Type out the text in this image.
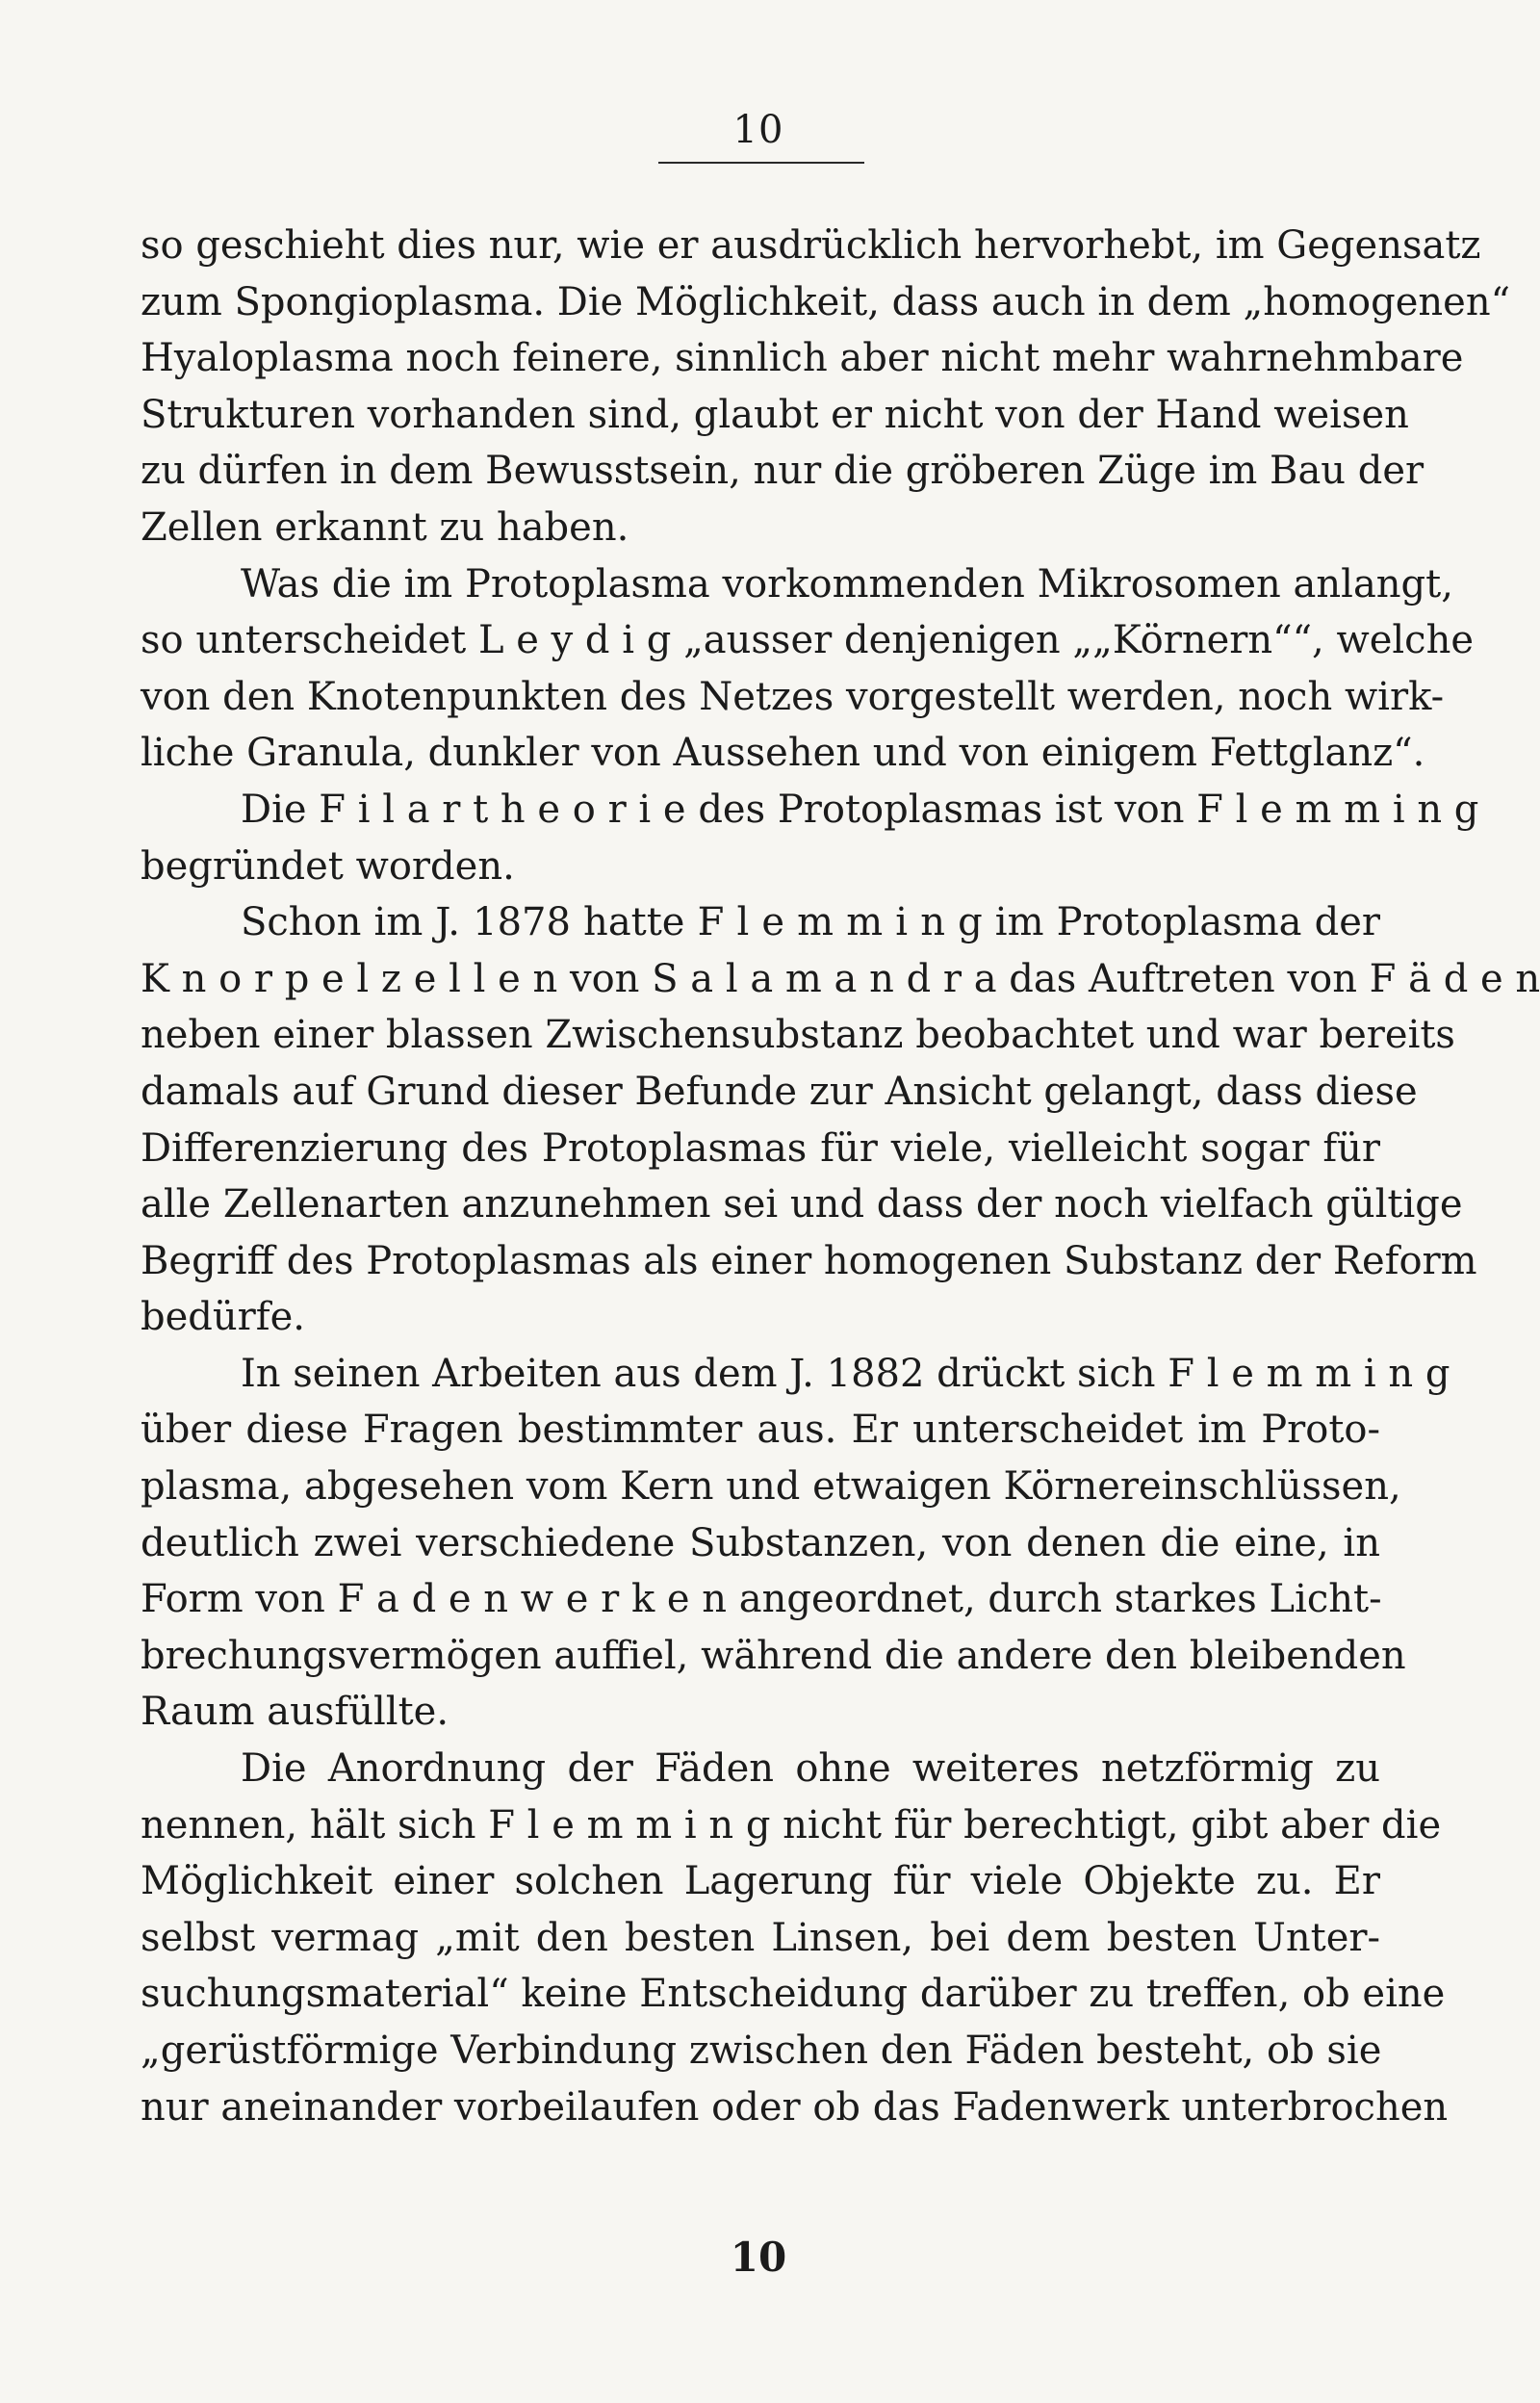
10
so geschieht dies nur, wie er ausdrücklich hervorhebt, im Gegensatz
zum Spongioplasma. Die Möglichkeit, dass auch in dem „homogenen“
Hyaloplasma noch feinere, sinnlich aber nicht mehr wahrnehmbare
Strukturen vorhanden sind, glaubt er nicht von der Hand weisen
zu dürfen in dem Bewusstsein, nur die gröberen Züge im Bau der
Zellen erkannt zu haben.
Was die im Protoplasma vorkommenden Mikrosomen anlangt,
so unterscheidet L e y d i g „ausser denjenigen „„Körnern““, welche
von den Knotenpunkten des Netzes vorgestellt werden, noch wirk-
liche Granula, dunkler von Aussehen und von einigem Fettglanz“.
Die F i l a r t h e o r i e des Protoplasmas ist von F l e m m i n g
begründet worden.
Schon im J. 1878 hatte F l e m m i n g im Protoplasma der
K n o r p e l z e l l e n von S a l a m a n d r a das Auftreten von F ä d e n
neben einer blassen Zwischensubstanz beobachtet und war bereits
damals auf Grund dieser Befunde zur Ansicht gelangt, dass diese
Differenzierung des Protoplasmas für viele, vielleicht sogar für
alle Zellenarten anzunehmen sei und dass der noch vielfach gültige
Begriff des Protoplasmas als einer homogenen Substanz der Reform
bedürfe.
In seinen Arbeiten aus dem J. 1882 drückt sich F l e m m i n g
über diese Fragen bestimmter aus. Er unterscheidet im Proto-
plasma, abgesehen vom Kern und etwaigen Körnereinschlüssen,
deutlich zwei verschiedene Substanzen, von denen die eine, in
Form von F a d e n w e r k e n angeordnet, durch starkes Licht-
brechungsvermögen auffiel, während die andere den bleibenden
Raum ausfüllte.
Die Anordnung der Fäden ohne weiteres netzförmig zu
nennen, hält sich F l e m m i n g nicht für berechtigt, gibt aber die
Möglichkeit einer solchen Lagerung für viele Objekte zu. Er
selbst vermag „mit den besten Linsen, bei dem besten Unter-
suchungsmaterial“ keine Entscheidung darüber zu treffen, ob eine
„gerüstförmige Verbindung zwischen den Fäden besteht, ob sie
nur aneinander vorbeilaufen oder ob das Fadenwerk unterbrochen
10
